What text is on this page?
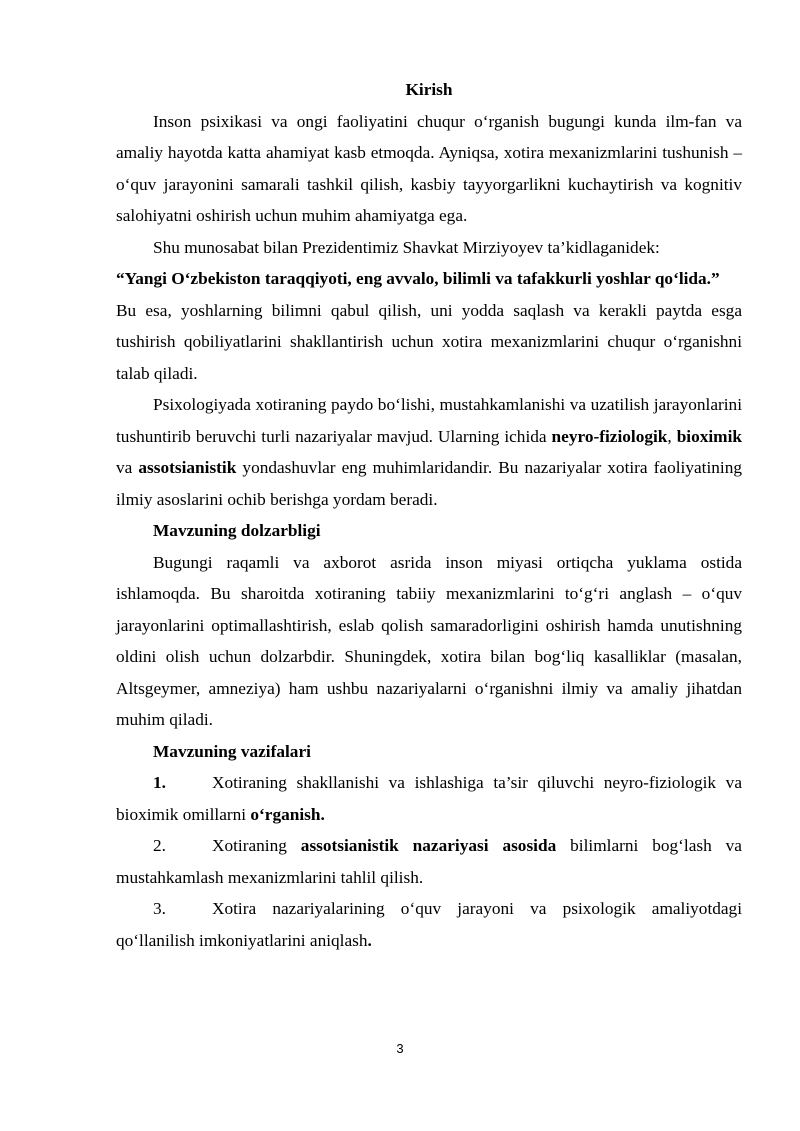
Kirish

Inson psixikasi va ongi faoliyatini chuqur o‘rganish bugungi kunda ilm-fan va amaliy hayotda katta ahamiyat kasb etmoqda. Ayniqsa, xotira mexanizmlarini tushunish – o‘quv jarayonini samarali tashkil qilish, kasbiy tayyorgarlikni kuchaytirish va kognitiv salohiyatni oshirish uchun muhim ahamiyatga ega.

Shu munosabat bilan Prezidentimiz Shavkat Mirziyoyev ta’kidlaganidek:

“Yangi O‘zbekiston taraqqiyoti, eng avvalo, bilimli va tafakkurli yoshlar qo‘lida.”

Bu esa, yoshlarning bilimni qabul qilish, uni yodda saqlash va kerakli paytda esga tushirish qobiliyatlarini shakllantirish uchun xotira mexanizmlarini chuqur o‘rganishni talab qiladi.

Psixologiyada xotiraning paydo bo‘lishi, mustahkamlanishi va uzatilish jarayonlarini tushuntirib beruvchi turli nazariyalar mavjud. Ularning ichida neyro-fiziologik, bioximik va assotsianistik yondashuvlar eng muhimlaridandir. Bu nazariyalar xotira faoliyatining ilmiy asoslarini ochib berishga yordam beradi.

Mavzuning dolzarbligi

Bugungi raqamli va axborot asrida inson miyasi ortiqcha yuklama ostida ishlamoqda. Bu sharoitda xotiraning tabiiy mexanizmlarini to‘g‘ri anglash – o‘quv jarayonlarini optimallashtirish, eslab qolish samaradorligini oshirish hamda unutishning oldini olish uchun dolzarbdir. Shuningdek, xotira bilan bog‘liq kasalliklar (masalan, Altsgeymer, amneziya) ham ushbu nazariyalarni o‘rganishni ilmiy va amaliy jihatdan muhim qiladi.

Mavzuning vazifalari

1.	Xotiraning shakllanishi va ishlashiga ta’sir qiluvchi neyro-fiziologik va bioximik omillarni o‘rganish.

2.	Xotiraning assotsianistik nazariyasi asosida bilimlarni bog‘lash va mustahkamlash mexanizmlarini tahlil qilish.

3.	Xotira nazariyalarining o‘quv jarayoni va psixologik amaliyotdagi qo‘llanilish imkoniyatlarini aniqlash.

3
